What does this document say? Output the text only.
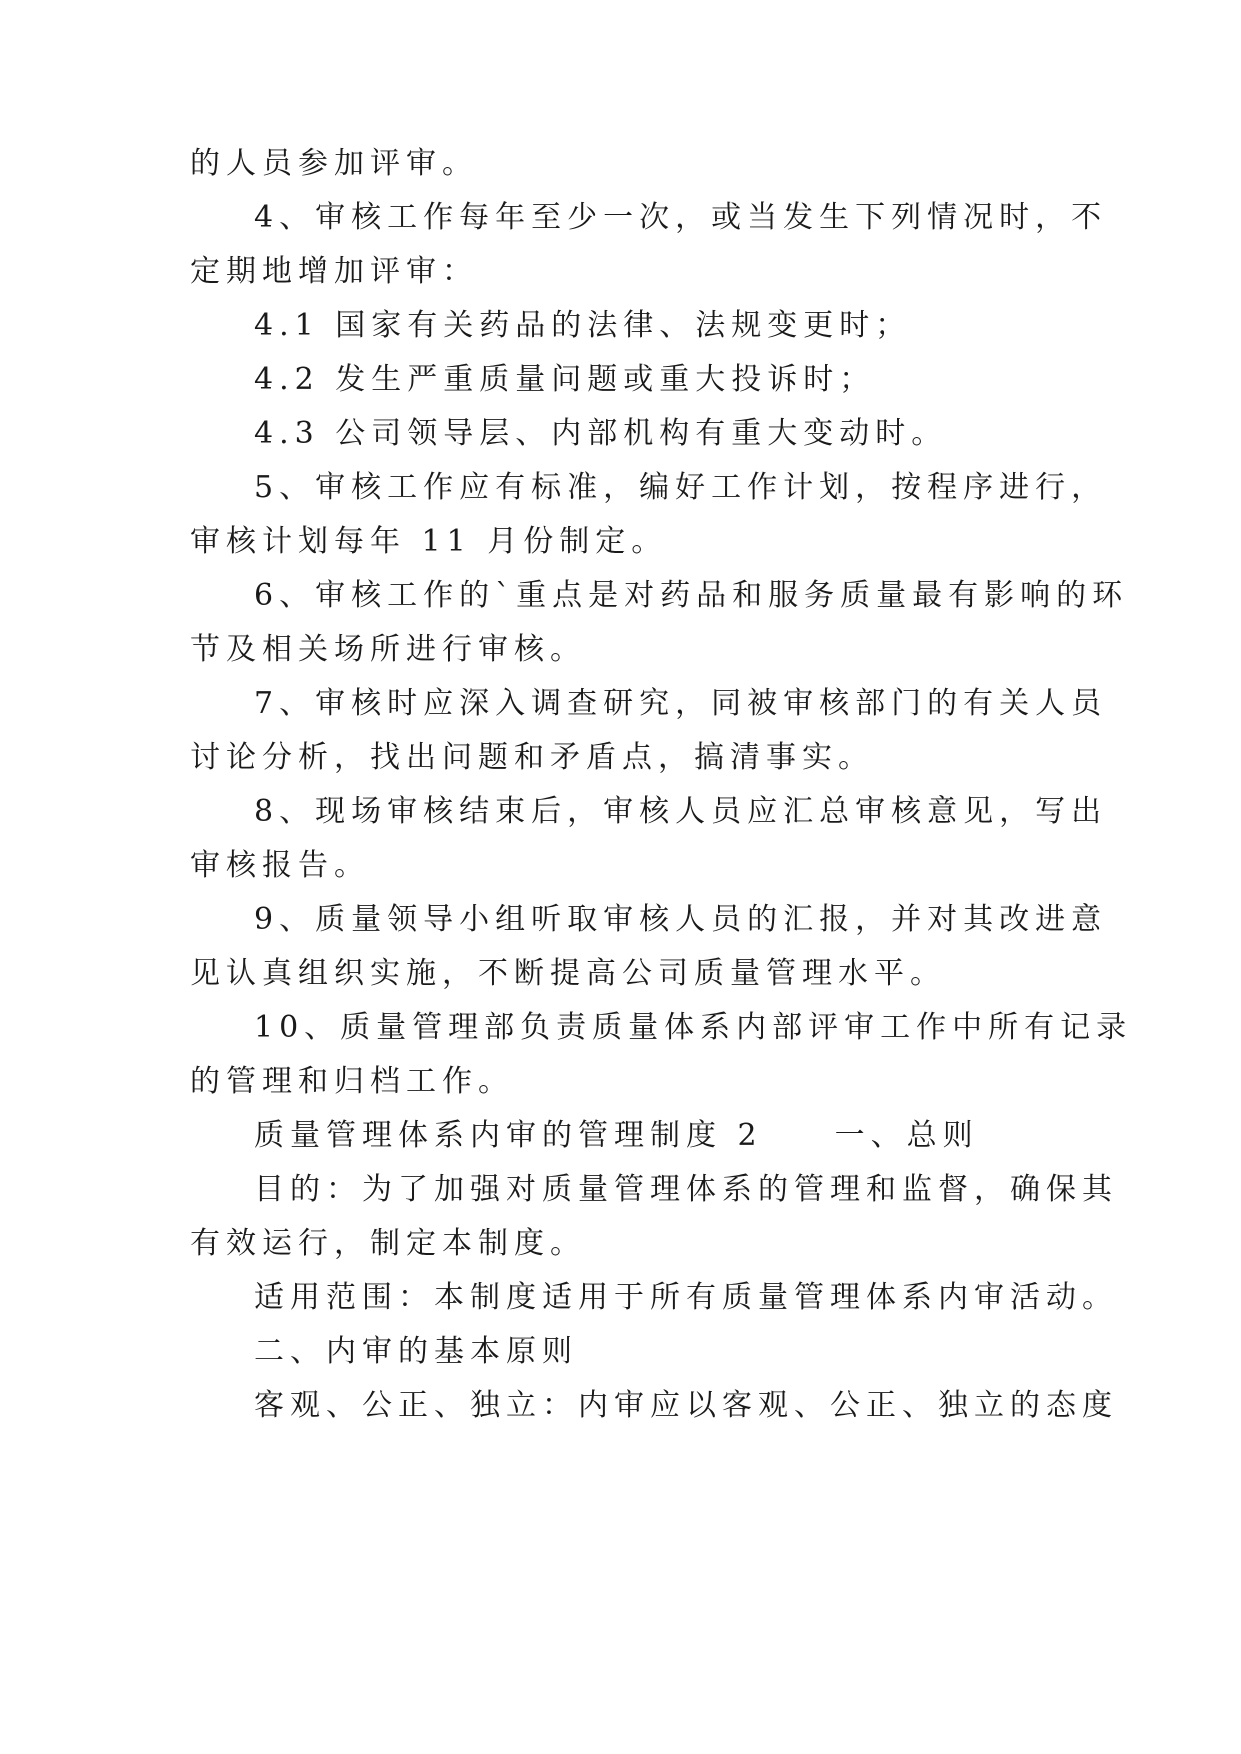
的人员参加评审。
4、审核工作每年至少一次，或当发生下列情况时，不
定期地增加评审：
4.1 国家有关药品的法律、法规变更时；
4.2 发生严重质量问题或重大投诉时；
4.3 公司领导层、内部机构有重大变动时。
5、审核工作应有标准，编好工作计划，按程序进行，
审核计划每年 11 月份制定。
6、审核工作的`重点是对药品和服务质量最有影响的环
节及相关场所进行审核。
7、审核时应深入调查研究，同被审核部门的有关人员
讨论分析，找出问题和矛盾点，搞清事实。
8、现场审核结束后，审核人员应汇总审核意见，写出
审核报告。
9、质量领导小组听取审核人员的汇报，并对其改进意
见认真组织实施，不断提高公司质量管理水平。
10、质量管理部负责质量体系内部评审工作中所有记录
的管理和归档工作。
质量管理体系内审的管理制度 2　　一、总则
目的：为了加强对质量管理体系的管理和监督，确保其
有效运行，制定本制度。
适用范围：本制度适用于所有质量管理体系内审活动。
二、内审的基本原则
客观、公正、独立：内审应以客观、公正、独立的态度
